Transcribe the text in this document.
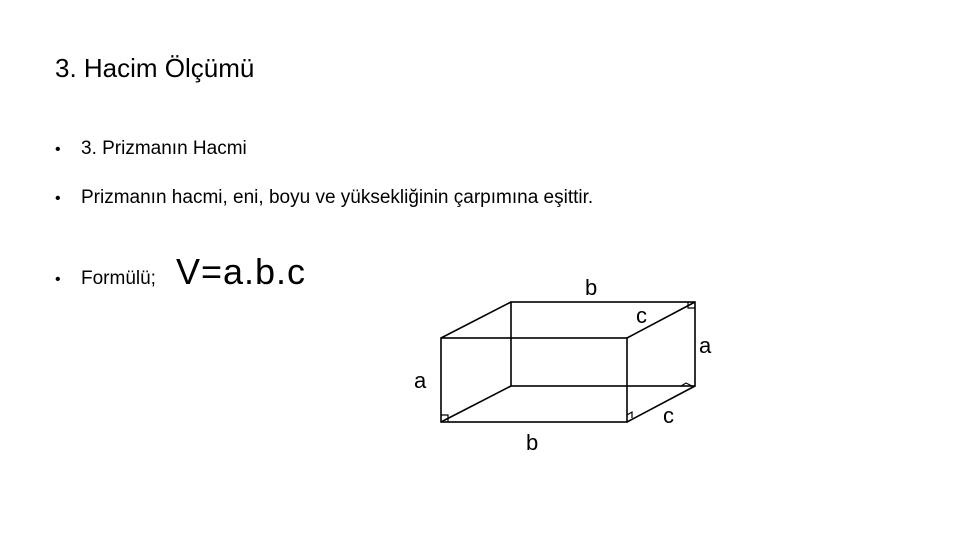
3. Hacim Ölçümü
•	3. Prizmanın Hacmi
•	Prizmanın hacmi, eni, boyu ve yüksekliğinin çarpımına eşittir.
•	Formülü; V=a.b.c	b
c
a
a
c
b
